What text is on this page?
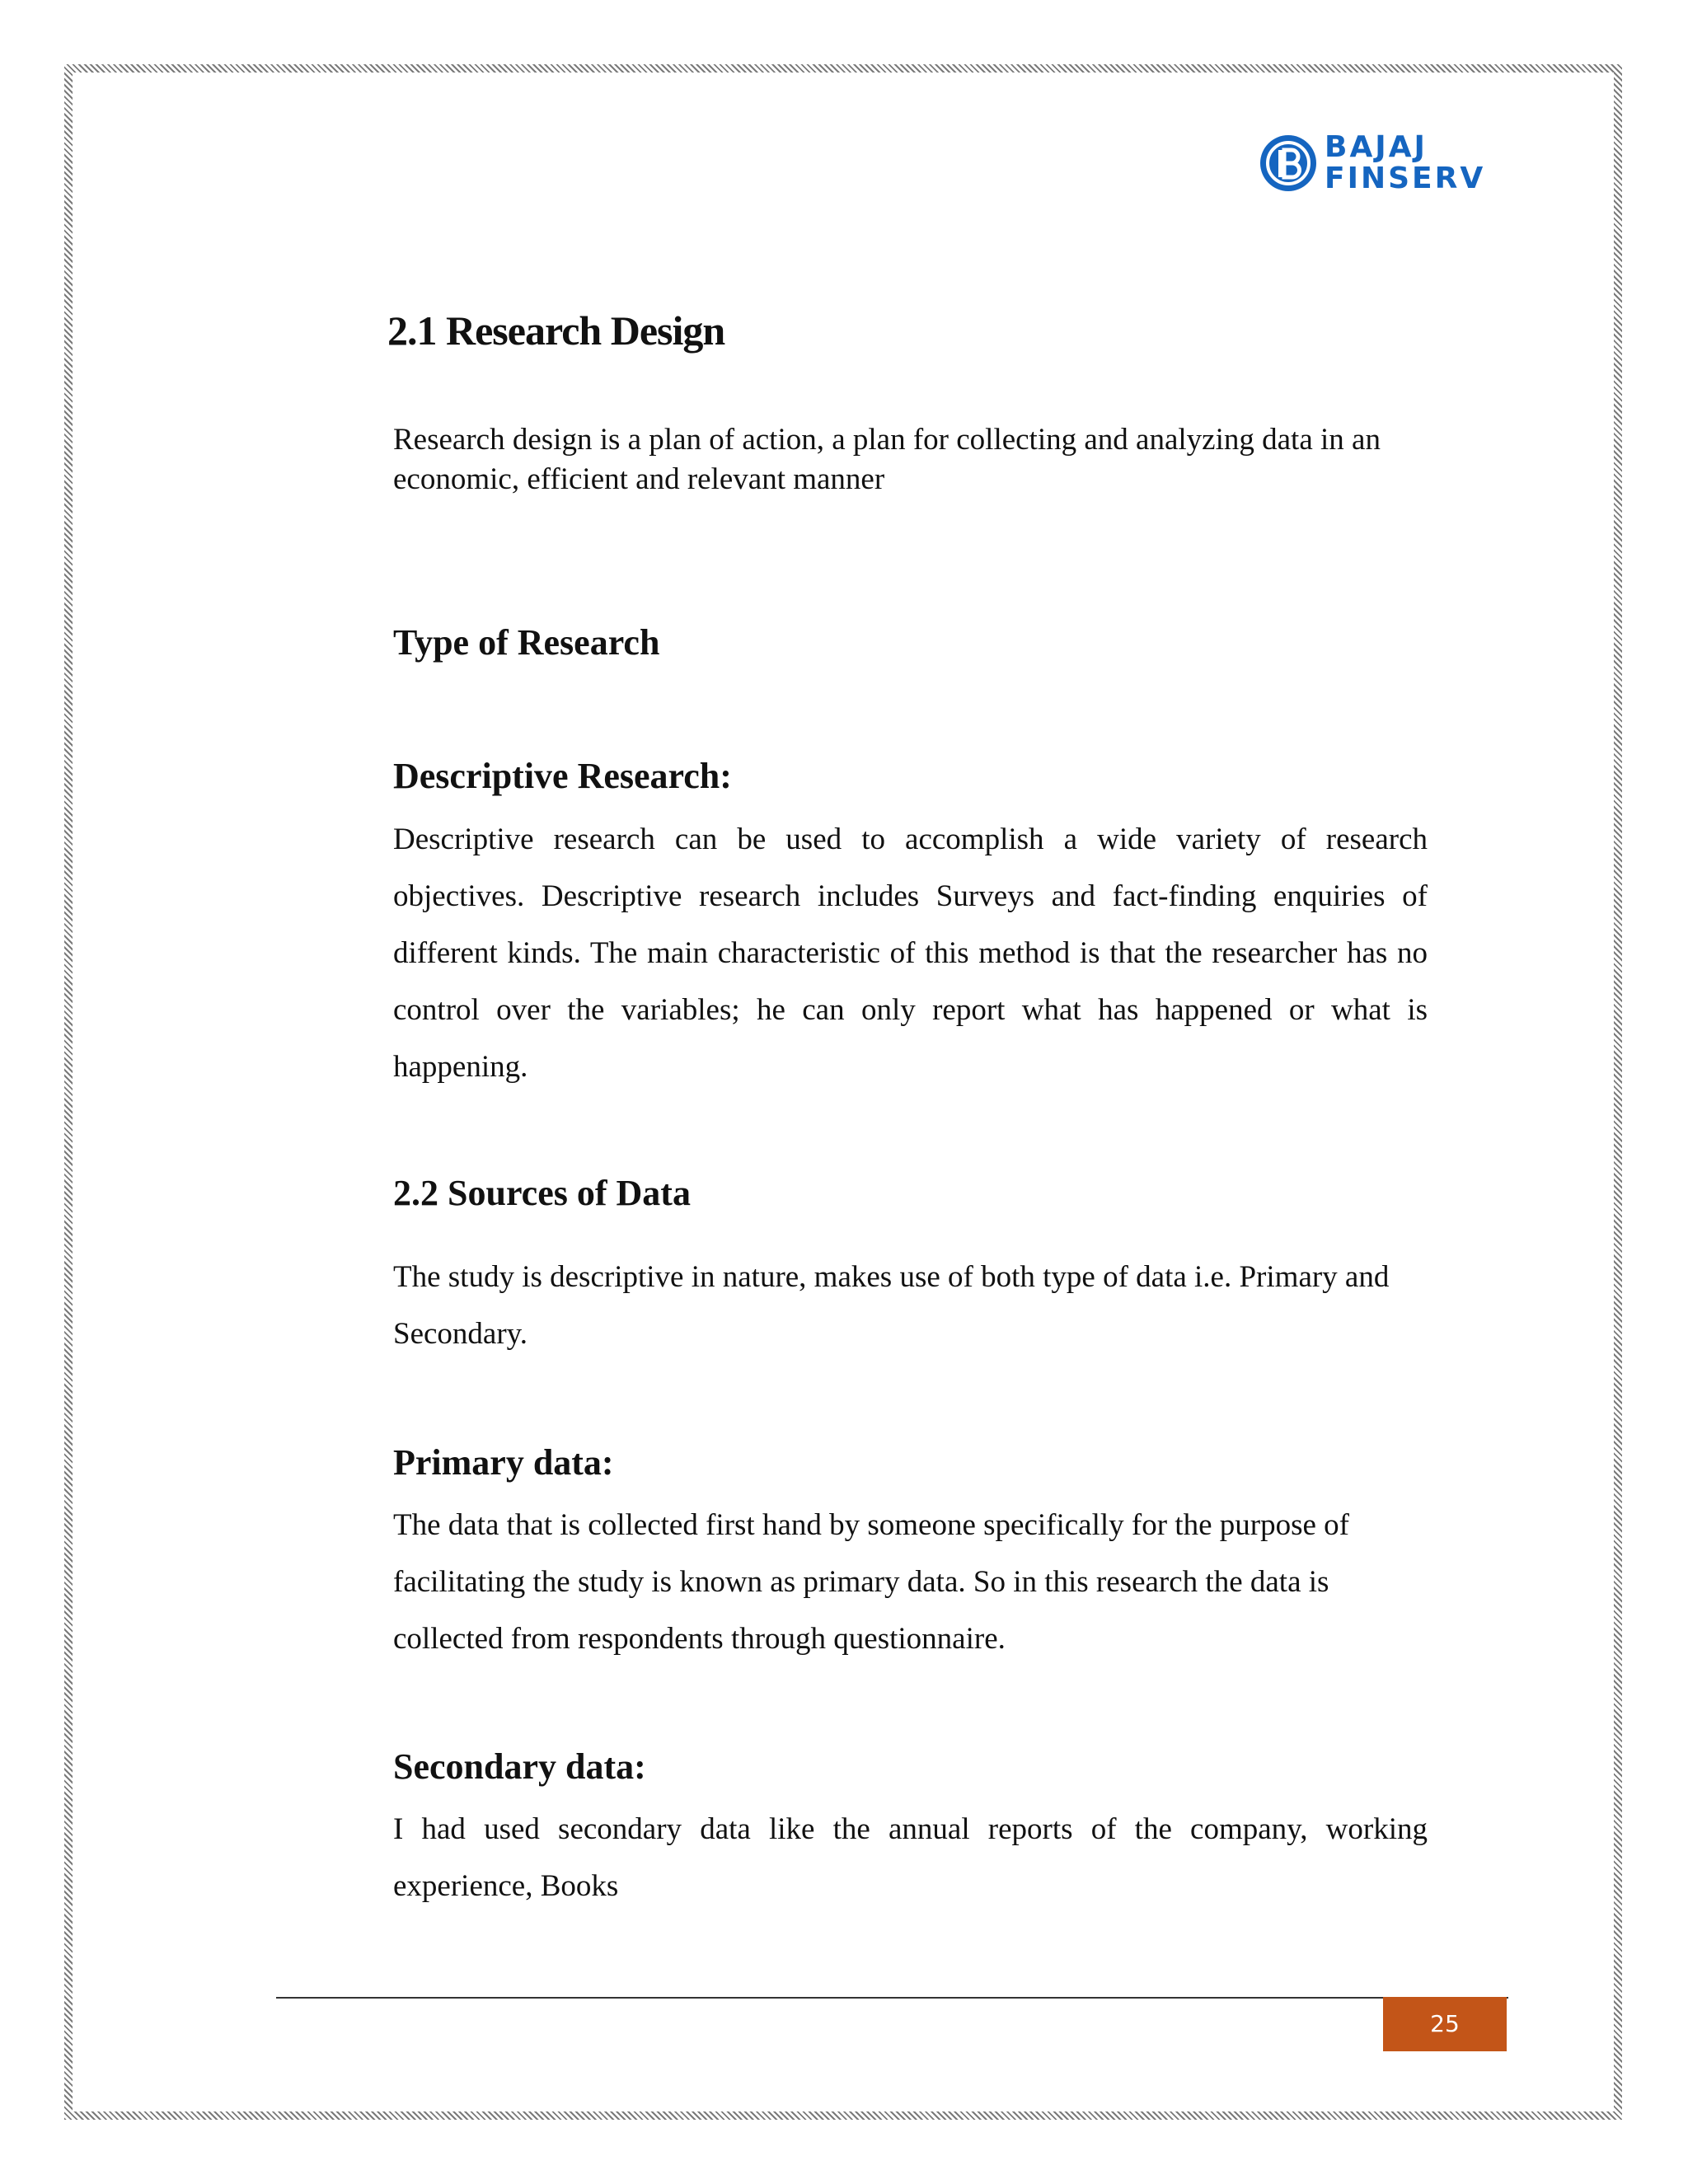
BAJAJ
FINSERV
2.1 Research Design

Research design is a plan of action, a plan for collecting and analyzing data in an economic, efficient and relevant manner

Type of Research
Descriptive Research:

Descriptive research can be used to accomplish a wide variety of research objectives. Descriptive research includes Surveys and fact-finding enquiries of different kinds. The main characteristic of this method is that the researcher has no control over the variables; he can only report what has happened or what is happening.

2.2 Sources of Data

The study is descriptive in nature, makes use of both type of data i.e. Primary and Secondary.

Primary data:

The data that is collected first hand by someone specifically for the purpose of facilitating the study is known as primary data. So in this research the data is collected from respondents through questionnaire.

Secondary data:

I had used secondary data like the annual reports of the company, working experience, Books

25
